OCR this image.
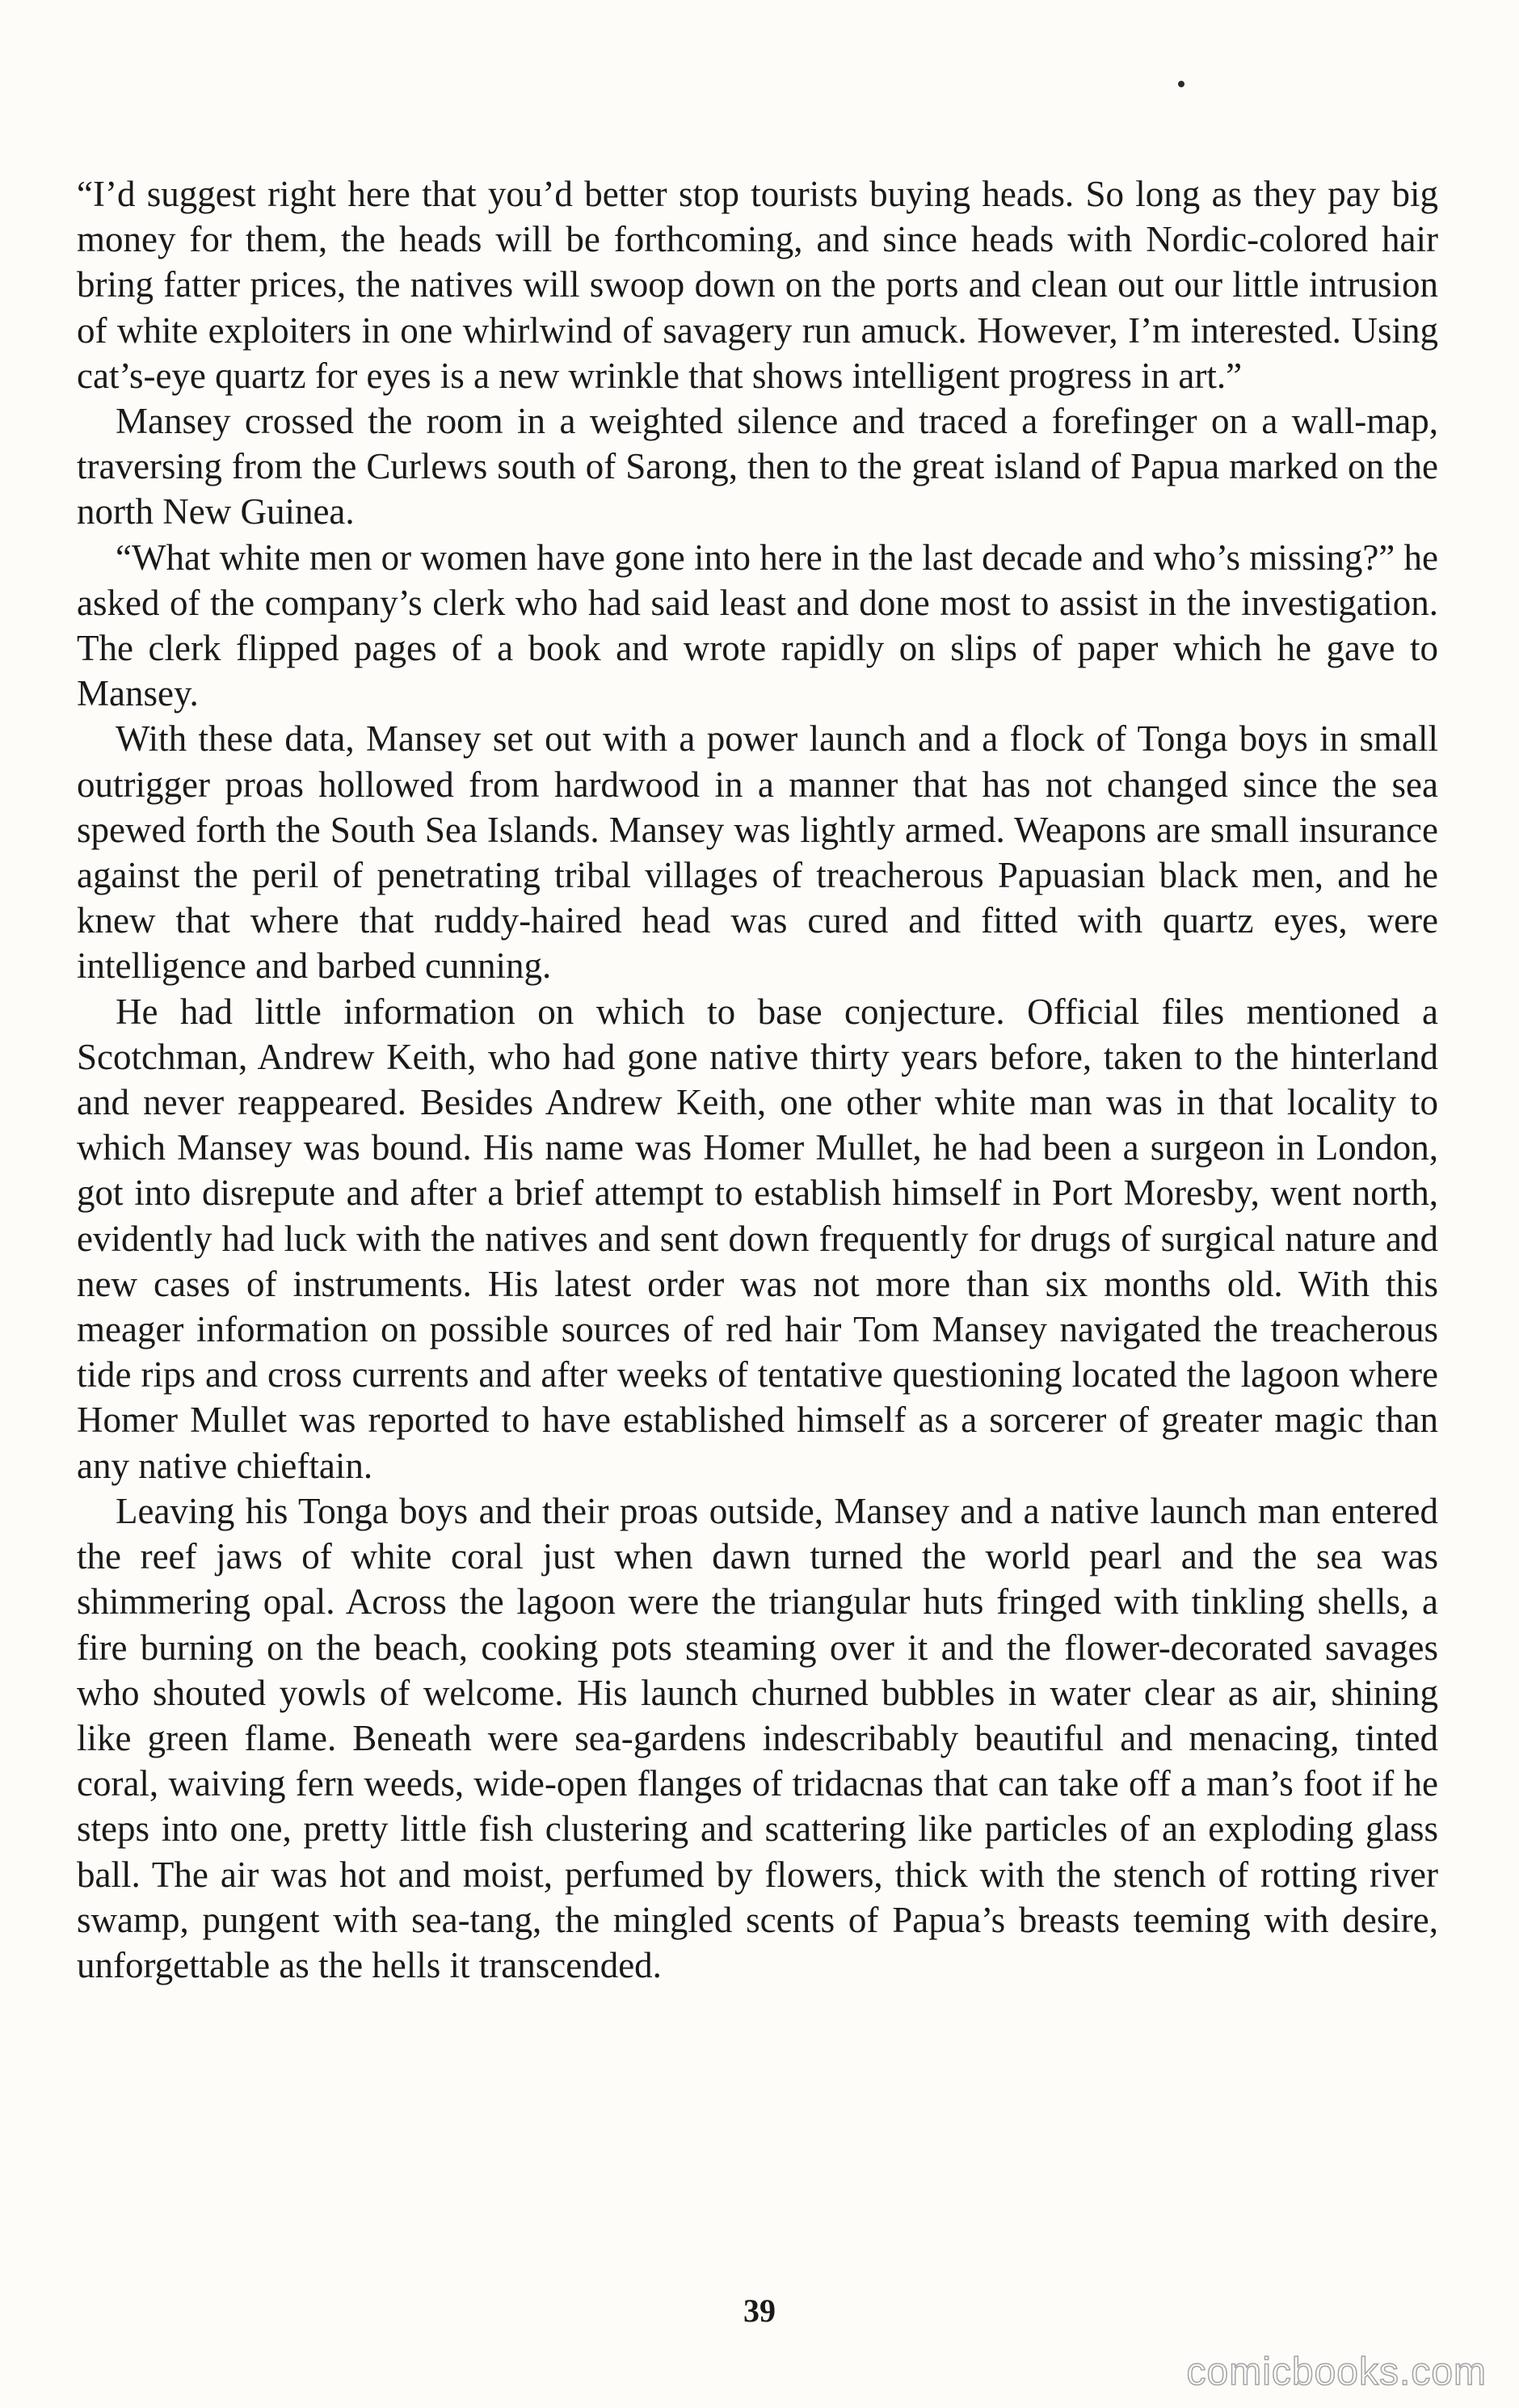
“I’d suggest right here that you’d better stop tourists buying heads. So long as they pay big money for them, the heads will be forthcoming, and since heads with Nordic-colored hair bring fatter prices, the natives will swoop down on the ports and clean out our little intrusion of white exploiters in one whirlwind of savagery run amuck. However, I’m interested. Using cat’s-eye quartz for eyes is a new wrinkle that shows intelligent progress in art.”

Mansey crossed the room in a weighted silence and traced a forefinger on a wall-map, traversing from the Curlews south of Sarong, then to the great island of Papua marked on the north New Guinea.

“What white men or women have gone into here in the last decade and who’s missing?” he asked of the company’s clerk who had said least and done most to assist in the investigation. The clerk flipped pages of a book and wrote rapidly on slips of paper which he gave to Mansey.

With these data, Mansey set out with a power launch and a flock of Tonga boys in small outrigger proas hollowed from hardwood in a manner that has not changed since the sea spewed forth the South Sea Islands. Mansey was lightly armed. Weapons are small insurance against the peril of penetrating tribal villages of treacherous Papuasian black men, and he knew that where that ruddy-haired head was cured and fitted with quartz eyes, were intelligence and barbed cunning.

He had little information on which to base conjecture. Official files mentioned a Scotchman, Andrew Keith, who had gone native thirty years before, taken to the hinterland and never reappeared. Besides Andrew Keith, one other white man was in that locality to which Mansey was bound. His name was Homer Mullet, he had been a surgeon in London, got into disrepute and after a brief attempt to establish himself in Port Moresby, went north, evidently had luck with the natives and sent down frequently for drugs of surgical nature and new cases of instruments. His latest order was not more than six months old. With this meager information on possible sources of red hair Tom Mansey navigated the treacherous tide rips and cross currents and after weeks of tentative questioning located the lagoon where Homer Mullet was reported to have established himself as a sorcerer of greater magic than any native chieftain.

Leaving his Tonga boys and their proas outside, Mansey and a native launch man entered the reef jaws of white coral just when dawn turned the world pearl and the sea was shimmering opal. Across the lagoon were the triangular huts fringed with tinkling shells, a fire burning on the beach, cooking pots steaming over it and the flower-decorated savages who shouted yowls of welcome. His launch churned bubbles in water clear as air, shining like green flame. Beneath were sea-gardens indescribably beautiful and menacing, tinted coral, waiving fern weeds, wide-open flanges of tridacnas that can take off a man’s foot if he steps into one, pretty little fish clustering and scattering like particles of an exploding glass ball. The air was hot and moist, perfumed by flowers, thick with the stench of rotting river swamp, pungent with sea-tang, the mingled scents of Papua’s breasts teeming with desire, unforgettable as the hells it transcended.

39
comicbooks.com
